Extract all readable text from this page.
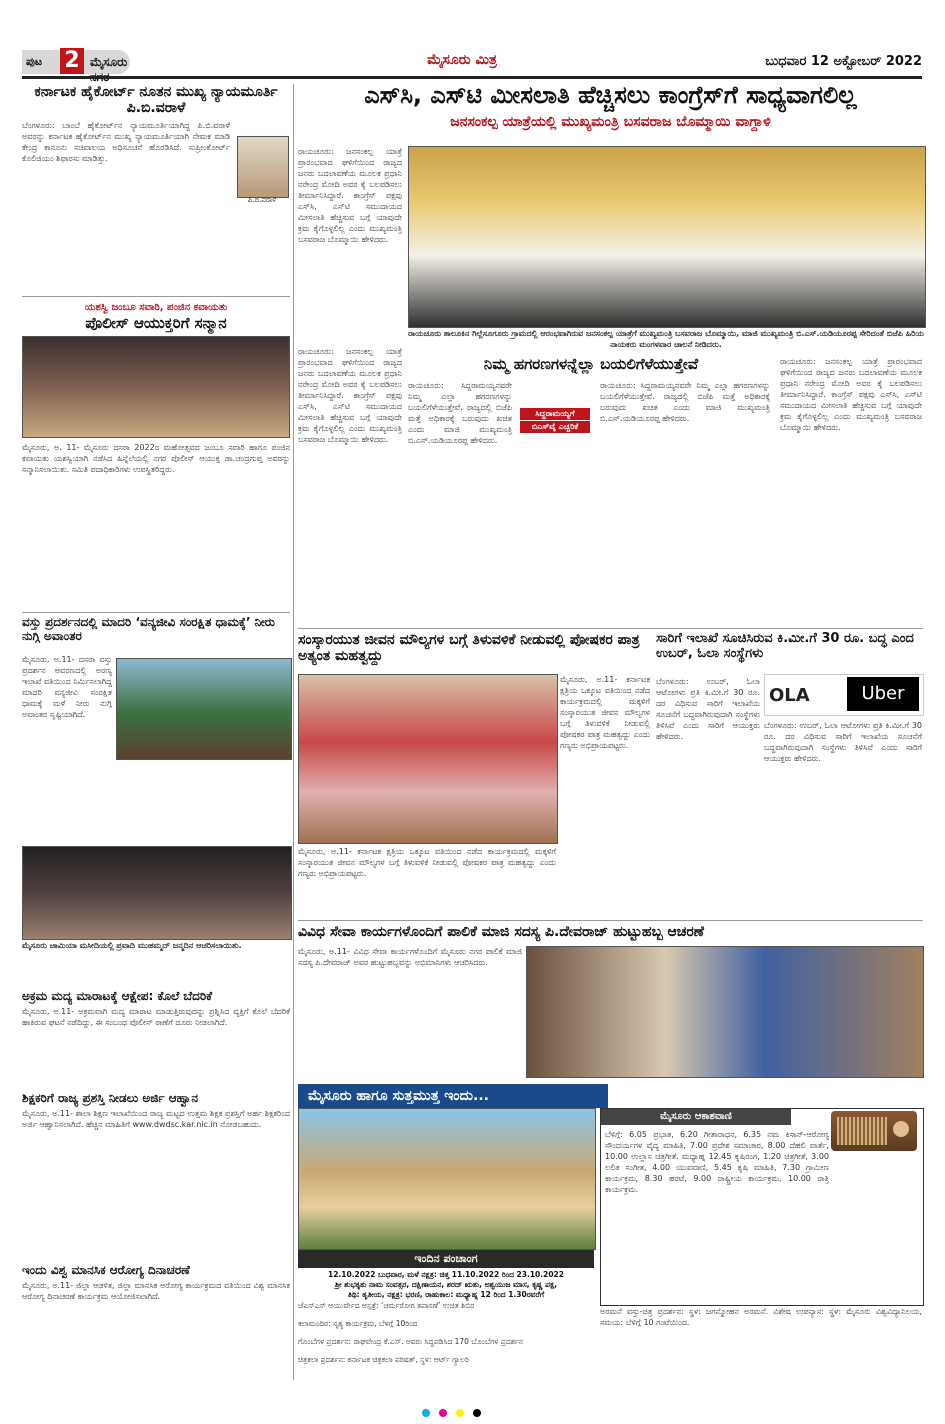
ಪುಟ 2 ಮೈಸೂರು	ಮೈಸೂರು ಮಿತ್ರ	ಬುಧವಾರ 12 ಅಕ್ಟೋಬರ್ 2022
ಕರ್ನಾಟಕ ಹೈಕೋರ್ಟ್ ನೂತನ ಮುಖ್ಯ ನ್ಯಾಯಮೂರ್ತಿ ಪಿ.ಬಿ.ವರಾಳೆ
ಪಿ.ಬಿ.ವರಾಳೆ
ಬೆಂಗಳೂರು: ಬಾಂಬೆ ಹೈಕೋರ್ಟ್‌ನ ನ್ಯಾಯಮೂರ್ತಿಯಾಗಿದ್ದ ಪಿ.ಬಿ.ವರಾಳೆ ಅವರನ್ನು ಕರ್ನಾಟಕ ಹೈಕೋರ್ಟ್‌ನ ಮುಖ್ಯ ನ್ಯಾಯಮೂರ್ತಿಯಾಗಿ ನೇಮಕ ಮಾಡಿ ಕೇಂದ್ರ ಕಾನೂನು ಸಚಿವಾಲಯ ಅಧಿಸೂಚನೆ ಹೊರಡಿಸಿದೆ. ಸುಪ್ರೀಂಕೋರ್ಟ್ ಕೊಲಿಜಿಯಂ ಶಿಫಾರಸು ಮಾಡಿತ್ತು.
ಯಶಸ್ವಿ ಜಂಬೂ ಸವಾರಿ, ಪಂಜಿನ ಕವಾಯತು
ಪೊಲೀಸ್ ಆಯುಕ್ತರಿಗೆ ಸನ್ಮಾನ
ಮೈಸೂರು, ಅ. 11- ಮೈಸೂರು ದಸರಾ 2022ರ ಮಹೋತ್ಸವದ ಜಂಬೂ ಸವಾರಿ ಹಾಗೂ ಪಂಜಿನ ಕವಾಯತು ಯಶಸ್ವಿಯಾಗಿ ನಡೆಸಿದ ಹಿನ್ನೆಲೆಯಲ್ಲಿ ನಗರ ಪೊಲೀಸ್ ಆಯುಕ್ತ ಡಾ.ಚಂದ್ರಗುಪ್ತ ಅವರನ್ನು ಸನ್ಮಾನಿಸಲಾಯಿತು. ಸಮಿತಿ ಪದಾಧಿಕಾರಿಗಳು ಉಪಸ್ಥಿತರಿದ್ದರು.
ವಸ್ತು ಪ್ರದರ್ಶನದಲ್ಲಿ ಮಾದರಿ ‘ವನ್ಯಜೀವಿ ಸಂರಕ್ಷಿತ ಧಾಮಕ್ಕೆ’ ನೀರು ನುಗ್ಗಿ ಅವಾಂತರ
ಮೈಸೂರು, ಅ.11- ದಸರಾ ವಸ್ತು ಪ್ರದರ್ಶನ ಆವರಣದಲ್ಲಿ ಅರಣ್ಯ ಇಲಾಖೆ ವತಿಯಿಂದ ನಿರ್ಮಿಸಲಾಗಿದ್ದ ಮಾದರಿ ವನ್ಯಜೀವಿ ಸಂರಕ್ಷಿತ ಧಾಮಕ್ಕೆ ಮಳೆ ನೀರು ನುಗ್ಗಿ ಅವಾಂತರ ಸೃಷ್ಟಿಯಾಗಿದೆ.
ಮೈಸೂರು ಜಾಮಿಯಾ ಮಸೀದಿಯಲ್ಲಿ ಪ್ರವಾದಿ ಮುಹಮ್ಮದ್ ಜನ್ಮದಿನ ಆಚರಿಸಲಾಯಿತು.
ಅಕ್ರಮ ಮದ್ಯ ಮಾರಾಟಕ್ಕೆ ಆಕ್ಷೇಪ: ಕೊಲೆ ಬೆದರಿಕೆ
ಮೈಸೂರು, ಅ.11- ಅಕ್ರಮವಾಗಿ ಮದ್ಯ ಮಾರಾಟ ಮಾಡುತ್ತಿರುವುದನ್ನು ಪ್ರಶ್ನಿಸಿದ ವ್ಯಕ್ತಿಗೆ ಕೊಲೆ ಬೆದರಿಕೆ ಹಾಕಿರುವ ಘಟನೆ ನಡೆದಿದ್ದು, ಈ ಸಂಬಂಧ ಪೊಲೀಸ್ ಠಾಣೆಗೆ ದೂರು ನೀಡಲಾಗಿದೆ.
ಶಿಕ್ಷಕರಿಗೆ ರಾಜ್ಯ ಪ್ರಶಸ್ತಿ ನೀಡಲು ಅರ್ಜಿ ಆಹ್ವಾನ
ಮೈಸೂರು, ಅ.11- ಶಾಲಾ ಶಿಕ್ಷಣ ಇಲಾಖೆಯಿಂದ ರಾಜ್ಯ ಮಟ್ಟದ ಉತ್ತಮ ಶಿಕ್ಷಕ ಪ್ರಶಸ್ತಿಗೆ ಅರ್ಹ ಶಿಕ್ಷಕರಿಂದ ಅರ್ಜಿ ಆಹ್ವಾನಿಸಲಾಗಿದೆ. ಹೆಚ್ಚಿನ ಮಾಹಿತಿಗೆ www.dwdsc.kar.nic.in ನೋಡಬಹುದು.
ಇಂದು ವಿಶ್ವ ಮಾನಸಿಕ ಆರೋಗ್ಯ ದಿನಾಚರಣೆ
ಮೈಸೂರು, ಅ.11- ಜಿಲ್ಲಾ ಆಡಳಿತ, ಜಿಲ್ಲಾ ಮಾನಸಿಕ ಆರೋಗ್ಯ ಕಾರ್ಯಕ್ರಮದ ವತಿಯಿಂದ ವಿಶ್ವ ಮಾನಸಿಕ ಆರೋಗ್ಯ ದಿನಾಚರಣೆ ಕಾರ್ಯಕ್ರಮ ಆಯೋಜಿಸಲಾಗಿದೆ.
ಎಸ್‌ಸಿ, ಎಸ್‌ಟಿ ಮೀಸಲಾತಿ ಹೆಚ್ಚಿಸಲು ಕಾಂಗ್ರೆಸ್‌ಗೆ ಸಾಧ್ಯವಾಗಲಿಲ್ಲ
ಜನಸಂಕಲ್ಪ ಯಾತ್ರೆಯಲ್ಲಿ ಮುಖ್ಯಮಂತ್ರಿ ಬಸವರಾಜ ಬೊಮ್ಮಾಯಿ ವಾಗ್ದಾಳಿ
ರಾಯಚೂರು: ಜನಸಂಕಲ್ಪ ಯಾತ್ರೆ ಪ್ರಾರಂಭವಾದ ಘಳಿಗೆಯಿಂದ ರಾಜ್ಯದ ಜನರು ಬದಲಾವಣೆಯ ಮೂಲಕ ಪ್ರಧಾನಿ ನರೇಂದ್ರ ಮೋದಿ ಅವರ ಕೈ ಬಲಪಡಿಸಲು ತೀರ್ಮಾನಿಸಿದ್ದಾರೆ. ಕಾಂಗ್ರೆಸ್ ಪಕ್ಷವು ಎಸ್‌ಸಿ, ಎಸ್‌ಟಿ ಸಮುದಾಯದ ಮೀಸಲಾತಿ ಹೆಚ್ಚಿಸುವ ಬಗ್ಗೆ ಯಾವುದೇ ಕ್ರಮ ಕೈಗೊಳ್ಳಲಿಲ್ಲ ಎಂದು ಮುಖ್ಯಮಂತ್ರಿ ಬಸವರಾಜ ಬೊಮ್ಮಾಯಿ ಹೇಳಿದರು.
ರಾಯಚೂರು ತಾಲೂಕಿನ ಗಿಲ್ಲೆಸೂಗೂರು ಗ್ರಾಮದಲ್ಲಿ ಆರಂಭವಾಗಿರುವ ಜನಸಂಕಲ್ಪ ಯಾತ್ರೆಗೆ ಮುಖ್ಯಮಂತ್ರಿ ಬಸವರಾಜ ಬೊಮ್ಮಾಯಿ, ಮಾಜಿ ಮುಖ್ಯಮಂತ್ರಿ ಬಿ.ಎಸ್.ಯಡಿಯೂರಪ್ಪ ಸೇರಿದಂತೆ ಬಿಜೆಪಿ ಹಿರಿಯ ನಾಯಕರು ಮಂಗಳವಾರ ಚಾಲನೆ ನೀಡಿದರು.
ರಾಯಚೂರು: ಜನಸಂಕಲ್ಪ ಯಾತ್ರೆ ಪ್ರಾರಂಭವಾದ ಘಳಿಗೆಯಿಂದ ರಾಜ್ಯದ ಜನರು ಬದಲಾವಣೆಯ ಮೂಲಕ ಪ್ರಧಾನಿ ನರೇಂದ್ರ ಮೋದಿ ಅವರ ಕೈ ಬಲಪಡಿಸಲು ತೀರ್ಮಾನಿಸಿದ್ದಾರೆ. ಕಾಂಗ್ರೆಸ್ ಪಕ್ಷವು ಎಸ್‌ಸಿ, ಎಸ್‌ಟಿ ಸಮುದಾಯದ ಮೀಸಲಾತಿ ಹೆಚ್ಚಿಸುವ ಬಗ್ಗೆ ಯಾವುದೇ ಕ್ರಮ ಕೈಗೊಳ್ಳಲಿಲ್ಲ ಎಂದು ಮುಖ್ಯಮಂತ್ರಿ ಬಸವರಾಜ ಬೊಮ್ಮಾಯಿ ಹೇಳಿದರು.
ನಿಮ್ಮ ಹಗರಣಗಳನ್ನೆಲ್ಲಾ ಬಯಲಿಗೆಳೆಯುತ್ತೇವೆ
ರಾಯಚೂರು: ಸಿದ್ದರಾಮಯ್ಯನವರೇ ನಿಮ್ಮ ಎಲ್ಲಾ ಹಗರಣಗಳನ್ನು ಬಯಲಿಗೆಳೆಯುತ್ತೇವೆ. ರಾಜ್ಯದಲ್ಲಿ ಬಿಜೆಪಿ ಮತ್ತೆ ಅಧಿಕಾರಕ್ಕೆ ಬರುವುದು ಖಚಿತ ಎಂದು ಮಾಜಿ ಮುಖ್ಯಮಂತ್ರಿ ಬಿ.ಎಸ್.ಯಡಿಯೂರಪ್ಪ ಹೇಳಿದರು.
ಸಿದ್ದರಾಮಯ್ಯಗೆ
ಬಿಎಸ್‌ವೈ ಎಚ್ಚರಿಕೆ
ರಾಯಚೂರು: ಸಿದ್ದರಾಮಯ್ಯನವರೇ ನಿಮ್ಮ ಎಲ್ಲಾ ಹಗರಣಗಳನ್ನು ಬಯಲಿಗೆಳೆಯುತ್ತೇವೆ. ರಾಜ್ಯದಲ್ಲಿ ಬಿಜೆಪಿ ಮತ್ತೆ ಅಧಿಕಾರಕ್ಕೆ ಬರುವುದು ಖಚಿತ ಎಂದು ಮಾಜಿ ಮುಖ್ಯಮಂತ್ರಿ ಬಿ.ಎಸ್.ಯಡಿಯೂರಪ್ಪ ಹೇಳಿದರು.
ರಾಯಚೂರು: ಜನಸಂಕಲ್ಪ ಯಾತ್ರೆ ಪ್ರಾರಂಭವಾದ ಘಳಿಗೆಯಿಂದ ರಾಜ್ಯದ ಜನರು ಬದಲಾವಣೆಯ ಮೂಲಕ ಪ್ರಧಾನಿ ನರೇಂದ್ರ ಮೋದಿ ಅವರ ಕೈ ಬಲಪಡಿಸಲು ತೀರ್ಮಾನಿಸಿದ್ದಾರೆ. ಕಾಂಗ್ರೆಸ್ ಪಕ್ಷವು ಎಸ್‌ಸಿ, ಎಸ್‌ಟಿ ಸಮುದಾಯದ ಮೀಸಲಾತಿ ಹೆಚ್ಚಿಸುವ ಬಗ್ಗೆ ಯಾವುದೇ ಕ್ರಮ ಕೈಗೊಳ್ಳಲಿಲ್ಲ ಎಂದು ಮುಖ್ಯಮಂತ್ರಿ ಬಸವರಾಜ ಬೊಮ್ಮಾಯಿ ಹೇಳಿದರು.
ಸಂಸ್ಕಾರಯುತ ಜೀವನ ಮೌಲ್ಯಗಳ ಬಗ್ಗೆ ತಿಳುವಳಿಕೆ ನೀಡುವಲ್ಲಿ ಪೋಷಕರ ಪಾತ್ರ ಅತ್ಯಂತ ಮಹತ್ವದ್ದು
ಮೈಸೂರು, ಅ.11- ಕರ್ನಾಟಕ ಕ್ಷತ್ರಿಯ ಒಕ್ಕೂಟ ವತಿಯಿಂದ ನಡೆದ ಕಾರ್ಯಕ್ರಮದಲ್ಲಿ ಮಕ್ಕಳಿಗೆ ಸಂಸ್ಕಾರಯುತ ಜೀವನ ಮೌಲ್ಯಗಳ ಬಗ್ಗೆ ತಿಳುವಳಿಕೆ ನೀಡುವಲ್ಲಿ ಪೋಷಕರ ಪಾತ್ರ ಮಹತ್ವದ್ದು ಎಂದು ಗಣ್ಯರು ಅಭಿಪ್ರಾಯಪಟ್ಟರು.
ಮೈಸೂರು, ಅ.11- ಕರ್ನಾಟಕ ಕ್ಷತ್ರಿಯ ಒಕ್ಕೂಟ ವತಿಯಿಂದ ನಡೆದ ಕಾರ್ಯಕ್ರಮದಲ್ಲಿ ಮಕ್ಕಳಿಗೆ ಸಂಸ್ಕಾರಯುತ ಜೀವನ ಮೌಲ್ಯಗಳ ಬಗ್ಗೆ ತಿಳುವಳಿಕೆ ನೀಡುವಲ್ಲಿ ಪೋಷಕರ ಪಾತ್ರ ಮಹತ್ವದ್ದು ಎಂದು ಗಣ್ಯರು ಅಭಿಪ್ರಾಯಪಟ್ಟರು.
ಸಾರಿಗೆ ಇಲಾಖೆ ಸೂಚಿಸಿರುವ ಕಿ.ಮೀ.ಗೆ 30 ರೂ. ಬದ್ಧ ಎಂದ ಉಬರ್, ಓಲಾ ಸಂಸ್ಥೆಗಳು
ಬೆಂಗಳೂರು: ಉಬರ್, ಓಲಾ ಆಟೋಗಳು ಪ್ರತಿ ಕಿ.ಮೀ.ಗೆ 30 ರೂ. ದರ ವಿಧಿಸುವ ಸಾರಿಗೆ ಇಲಾಖೆಯ ಸೂಚನೆಗೆ ಬದ್ಧವಾಗಿರುವುದಾಗಿ ಸಂಸ್ಥೆಗಳು ತಿಳಿಸಿವೆ ಎಂದು ಸಾರಿಗೆ ಆಯುಕ್ತರು ಹೇಳಿದರು.
OLA	Uber
ಬೆಂಗಳೂರು: ಉಬರ್, ಓಲಾ ಆಟೋಗಳು ಪ್ರತಿ ಕಿ.ಮೀ.ಗೆ 30 ರೂ. ದರ ವಿಧಿಸುವ ಸಾರಿಗೆ ಇಲಾಖೆಯ ಸೂಚನೆಗೆ ಬದ್ಧವಾಗಿರುವುದಾಗಿ ಸಂಸ್ಥೆಗಳು ತಿಳಿಸಿವೆ ಎಂದು ಸಾರಿಗೆ ಆಯುಕ್ತರು ಹೇಳಿದರು.
ವಿವಿಧ ಸೇವಾ ಕಾರ್ಯಗಳೊಂದಿಗೆ ಪಾಲಿಕೆ ಮಾಜಿ ಸದಸ್ಯ ಪಿ.ದೇವರಾಜ್ ಹುಟ್ಟುಹಬ್ಬ ಆಚರಣೆ
ಮೈಸೂರು, ಅ.11- ವಿವಿಧ ಸೇವಾ ಕಾರ್ಯಗಳೊಂದಿಗೆ ಮೈಸೂರು ನಗರ ಪಾಲಿಕೆ ಮಾಜಿ ಸದಸ್ಯ ಪಿ.ದೇವರಾಜ್ ಅವರ ಹುಟ್ಟುಹಬ್ಬವನ್ನು ಅಭಿಮಾನಿಗಳು ಆಚರಿಸಿದರು.
ಮೈಸೂರು ಹಾಗೂ ಸುತ್ತಮುತ್ತ ಇಂದು...
ಇಂದಿನ ಪಂಚಾಂಗ
12.10.2022 ಬುಧವಾರ, ಮಳೆ ನಕ್ಷತ್ರ: ಚಿತ್ತ 11.10.2022 ರಿಂದ 23.10.2022
ಶ್ರೀ ಶುಭಕೃತು ನಾಮ ಸಂವತ್ಸರ, ದಕ್ಷಿಣಾಯನ, ಶರದ್ ಋತು, ಅಶ್ವಯುಜ ಮಾಸ, ಕೃಷ್ಣ ಪಕ್ಷ,
ತಿಥಿ: ತೃತೀಯ, ನಕ್ಷತ್ರ: ಭರಣಿ, ರಾಹುಕಾಲ: ಮಧ್ಯಾಹ್ನ 12 ರಿಂದ 1.30ರವರೆಗೆ
ಜೆಎಸ್‌ಎಸ್ ಆಯುರ್ವೇದ ಆಸ್ಪತ್ರೆ: ‘ಚರ್ಮರೋಗ ತಪಾಸಣೆ’ ಉಚಿತ ಶಿಬಿರ
ಕಲಾಮಂದಿರ: ನೃತ್ಯ ಕಾರ್ಯಕ್ರಮ, ಬೆಳಿಗ್ಗೆ 10ರಿಂದ
ಗೊಂಬೆಗಳ ಪ್ರದರ್ಶನ: ರಾಘವೇಂದ್ರ ಕೆ.ಎಸ್. ಅವರು ಸಿದ್ಧಪಡಿಸಿದ 170 ಬೊಂಬೆಗಳ ಪ್ರದರ್ಶನ
ಚಿತ್ರಕಲಾ ಪ್ರದರ್ಶನ: ಕರ್ನಾಟಕ ಚಿತ್ರಕಲಾ ಪರಿಷತ್, ಸ್ಥಳ: ಆರ್ಟ್ ಗ್ಯಾಲರಿ
ಮೈಸೂರು ಆಕಾಶವಾಣಿ
ಬೆಳಿಗ್ಗೆ: 6.05 ಪ್ರಭಾತ, 6.20 ಗೀತಾರಾಧನ, 6.35 ನಮ ಕಿಸಾನ್-ಆರೋಗ್ಯ ಸೌಂದರ್ಯಗಳ ವೈದ್ಯ ಮಾಹಿತಿ, 7.00 ಪ್ರದೇಶ ಸಮಾಚಾರ, 8.00 ದೆಹಲಿ ವಾರ್ತೆ, 10.00 ಉಲ್ಲಾಸ ಚಿತ್ರಗೀತೆ. ಮಧ್ಯಾಹ್ನ 12.45 ಕೃಷಿರಂಗ, 1.20 ಚಿತ್ರಗೀತೆ, 3.00 ಲಲಿತ ಸಂಗೀತ, 4.00 ಯುವವಾಣಿ, 5.45 ಕೃಷಿ ಮಾಹಿತಿ, 7.30 ಗ್ರಾಮೀಣ ಕಾರ್ಯಕ್ರಮ, 8.30 ಹರಟೆ, 9.00 ರಾಷ್ಟ್ರೀಯ ಕಾರ್ಯಕ್ರಮ, 10.00 ರಾತ್ರಿ ಕಾರ್ಯಕ್ರಮ.
ಅರಮನೆ ವಸ್ತು-ಚಿತ್ರ ಪ್ರದರ್ಶನ: ಸ್ಥಳ: ಜಗನ್ಮೋಹನ ಅರಮನೆ. ವಿಶೇಷ ಉಪನ್ಯಾಸ: ಸ್ಥಳ: ಮೈಸೂರು ವಿಶ್ವವಿದ್ಯಾನಿಲಯ, ಸಮಯ: ಬೆಳಿಗ್ಗೆ 10 ಗಂಟೆಯಿಂದ.
